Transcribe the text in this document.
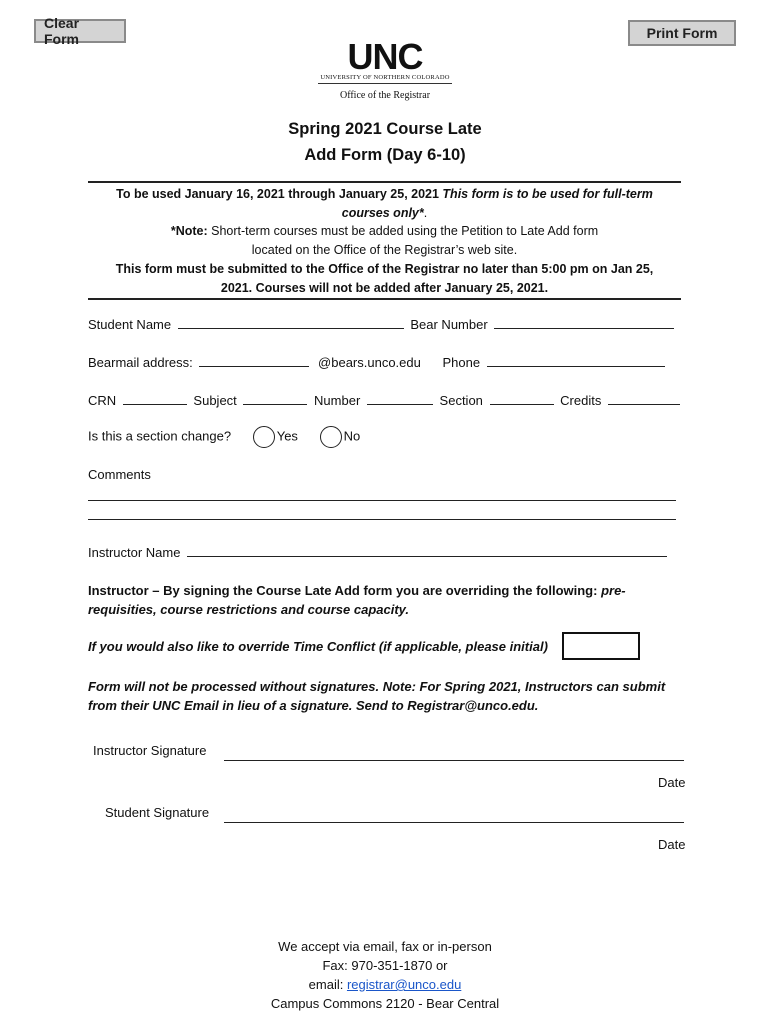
Clear Form	Print Form
UNC
UNIVERSITY OF NORTHERN COLORADO
Office of the Registrar
Spring 2021 Course Late
Add Form (Day 6-10)
To be used January 16, 2021 through January 25, 2021 This form is to be used for full-term
courses only*.
*Note: Short-term courses must be added using the Petition to Late Add form
located on the Office of the Registrar’s web site.
This form must be submitted to the Office of the Registrar no later than 5:00 pm on Jan 25,
2021. Courses will not be added after January 25, 2021.
Student Name	Bear Number
Bearmail address:	@bears.unco.edu Phone
CRN	Subject	Number	Section	Credits
Is this a section change?	Yes	No
Comments
Instructor Name
Instructor – By signing the Course Late Add form you are overriding the following: pre-
requisities, course restrictions and course capacity.
If you would also like to override Time Conflict (if applicable, please initial)
Form will not be processed without signatures. Note: For Spring 2021, Instructors can submit
from their UNC Email in lieu of a signature. Send to Registrar@unco.edu.
Instructor Signature
Date
Student Signature
Date
We accept via email, fax or in-person
Fax: 970-351-1870 or
email: registrar@unco.edu
Campus Commons 2120 - Bear Central
